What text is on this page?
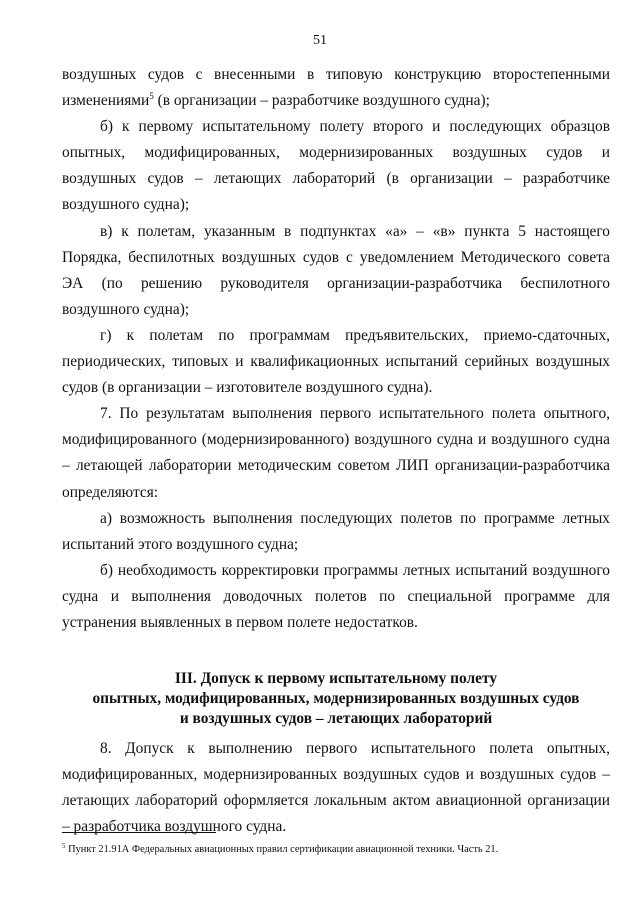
51

воздушных судов с внесенными в типовую конструкцию второстепенными изменениями$^5$ (в организации – разработчике воздушного судна);

б) к первому испытательному полету второго и последующих образцов опытных, модифицированных, модернизированных воздушных судов и воздушных судов – летающих лабораторий (в организации – разработчике воздушного судна);

в) к полетам, указанным в подпунктах «а» – «в» пункта 5 настоящего Порядка, беспилотных воздушных судов с уведомлением Методического совета ЭА (по решению руководителя организации-разработчика беспилотного воздушного судна);

г) к полетам по программам предъявительских, приемо-сдаточных, периодических, типовых и квалификационных испытаний серийных воздушных судов (в организации – изготовителе воздушного судна).

7. По результатам выполнения первого испытательного полета опытного, модифицированного (модернизированного) воздушного судна и воздушного судна – летающей лаборатории методическим советом ЛИП организации-разработчика определяются:

а) возможность выполнения последующих полетов по программе летных испытаний этого воздушного судна;

б) необходимость корректировки программы летных испытаний воздушного судна и выполнения доводочных полетов по специальной программе для устранения выявленных в первом полете недостатков.

III. Допуск к первому испытательному полету
опытных, модифицированных, модернизированных воздушных судов
и воздушных судов – летающих лабораторий

8. Допуск к выполнению первого испытательного полета опытных, модифицированных, модернизированных воздушных судов и воздушных судов – летающих лабораторий оформляется локальным актом авиационной организации – разработчика воздушного судна.

$^5$ Пункт 21.91А Федеральных авиационных правил сертификации авиационной техники. Часть 21.
